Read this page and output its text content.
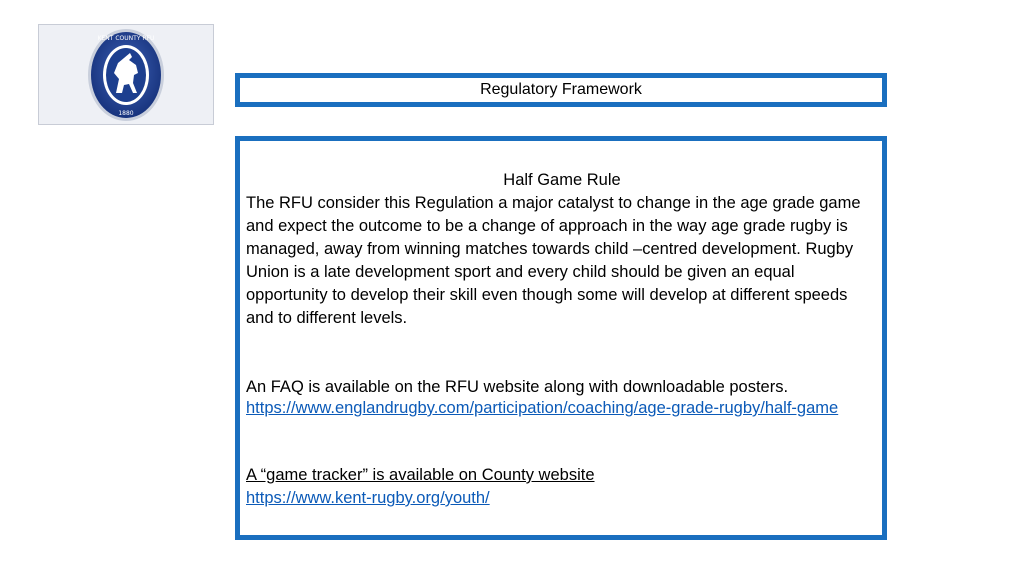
KENT COUNTY RFU
1880
Regulatory Framework
Half Game Rule

The RFU consider this Regulation a major catalyst to change in the age grade game and expect the outcome to be a change of approach in the way age grade rugby is managed, away from winning matches towards child –centred development. Rugby Union is a late development sport and every child should be given an equal opportunity to develop their skill even though some will develop at different speeds and to different levels.

An FAQ is available on the RFU website along with downloadable posters.
https://www.englandrugby.com/participation/coaching/age-grade-rugby/half-game
A “game tracker” is available on County website
https://www.kent-rugby.org/youth/
